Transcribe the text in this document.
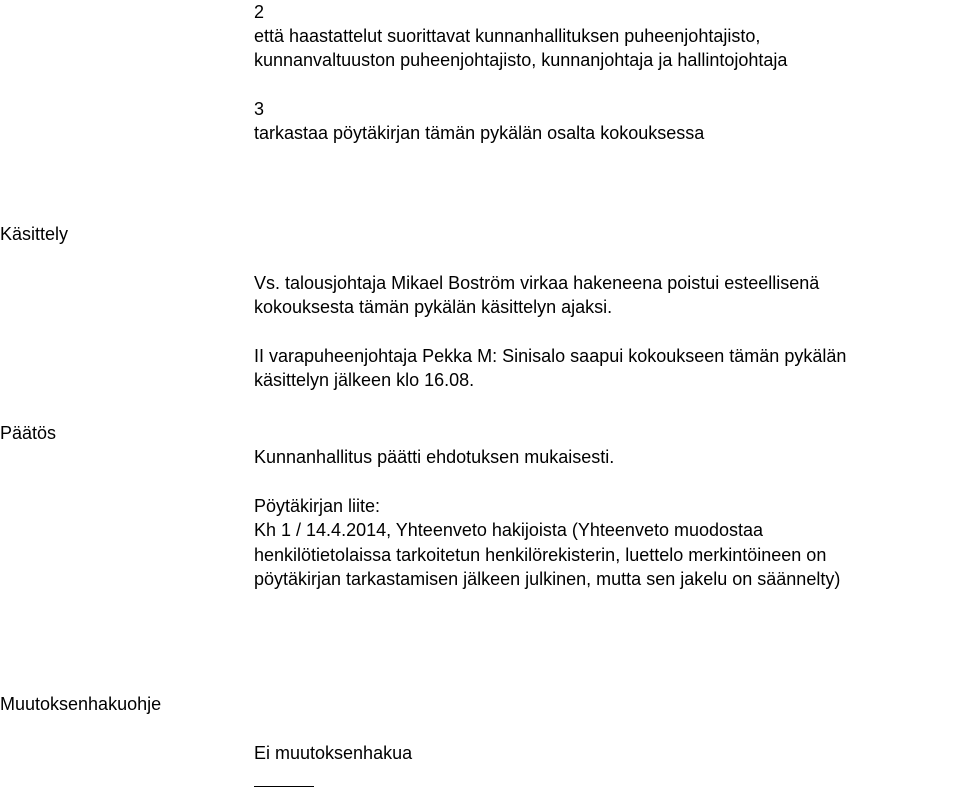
2

että haastattelut suorittavat kunnanhallituksen puheenjohtajisto,

kunnanvaltuuston puheenjohtajisto, kunnanjohtaja ja hallintojohtaja

3

tarkastaa pöytäkirjan tämän pykälän osalta kokouksessa

Käsittely

Vs. talousjohtaja Mikael Boström virkaa hakeneena poistui esteellisenä

kokouksesta tämän pykälän käsittelyn ajaksi.

II varapuheenjohtaja Pekka M: Sinisalo saapui kokoukseen tämän pykälän

käsittelyn jälkeen klo 16.08.

Päätös

Kunnanhallitus päätti ehdotuksen mukaisesti.

Pöytäkirjan liite:

Kh 1 / 14.4.2014, Yhteenveto hakijoista (Yhteenveto muodostaa

henkilötietolaissa tarkoitetun henkilörekisterin, luettelo merkintöineen on

pöytäkirjan tarkastamisen jälkeen julkinen, mutta sen jakelu on säännelty)

Muutoksenhakuohje

Ei muutoksenhakua
